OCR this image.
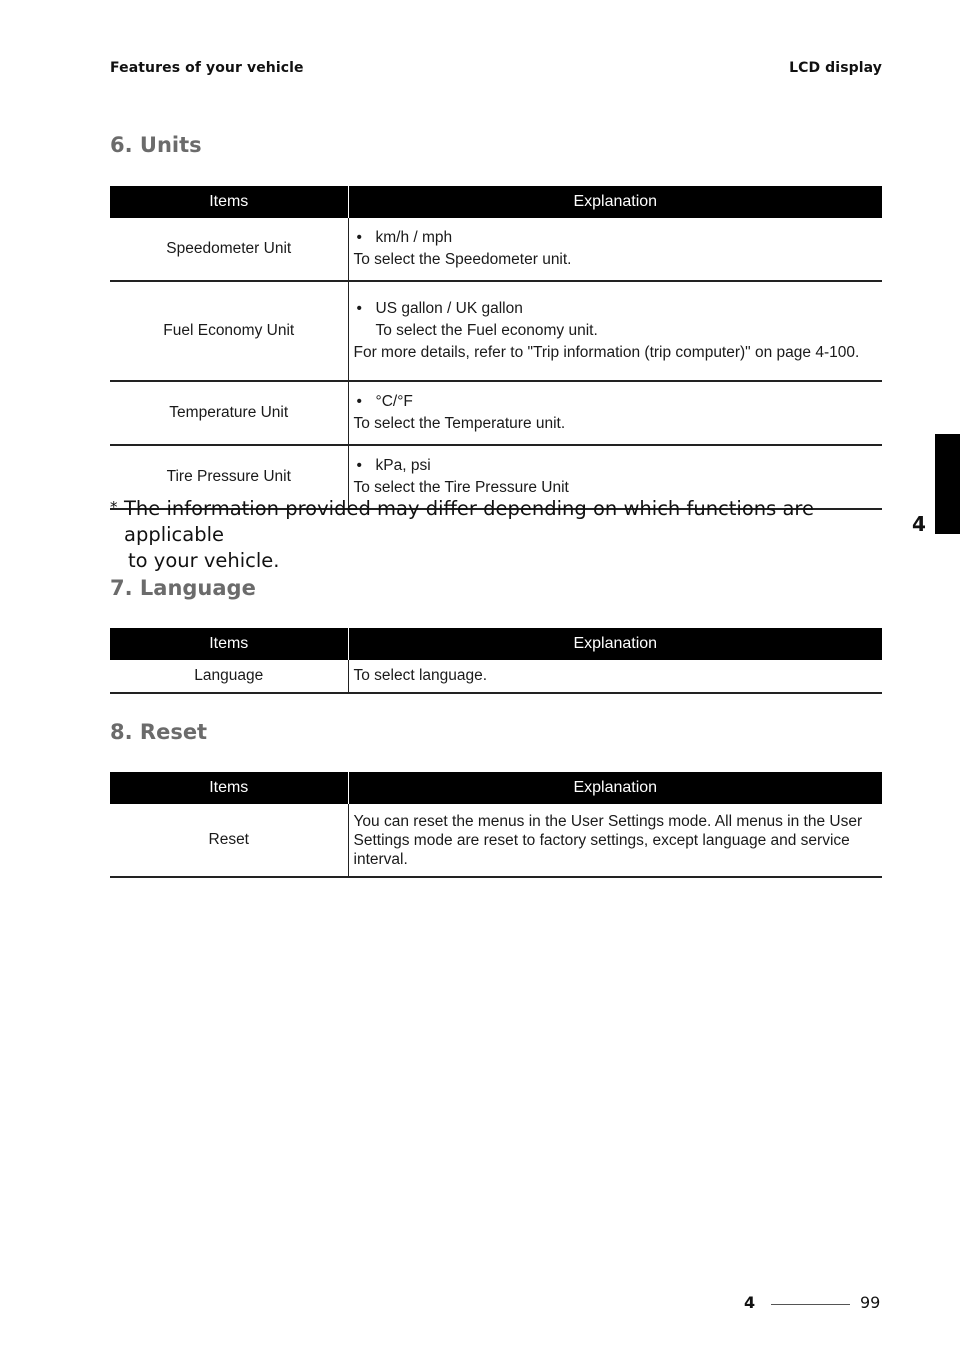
Features of your vehicle	LCD display
4
6. Units
Items	Explanation
Speedometer Unit	• km/h / mph
To select the Speedometer unit.

Fuel Economy Unit	• US gallon / UK gallon
To select the Fuel economy unit.
For more details, refer to "Trip information (trip computer)" on page 4-100.

Temperature Unit	• °C/°F
To select the Temperature unit.

Tire Pressure Unit	• kPa, psi
To select the Tire Pressure Unit
* The information provided may differ depending on which functions are applicable
to your vehicle.
7. Language
Items	Explanation
Language	To select language.
8. Reset
Items	Explanation
Reset	You can reset the menus in the User Settings mode. All menus in the User Settings mode are reset to factory settings, except language and service interval.
4	99
